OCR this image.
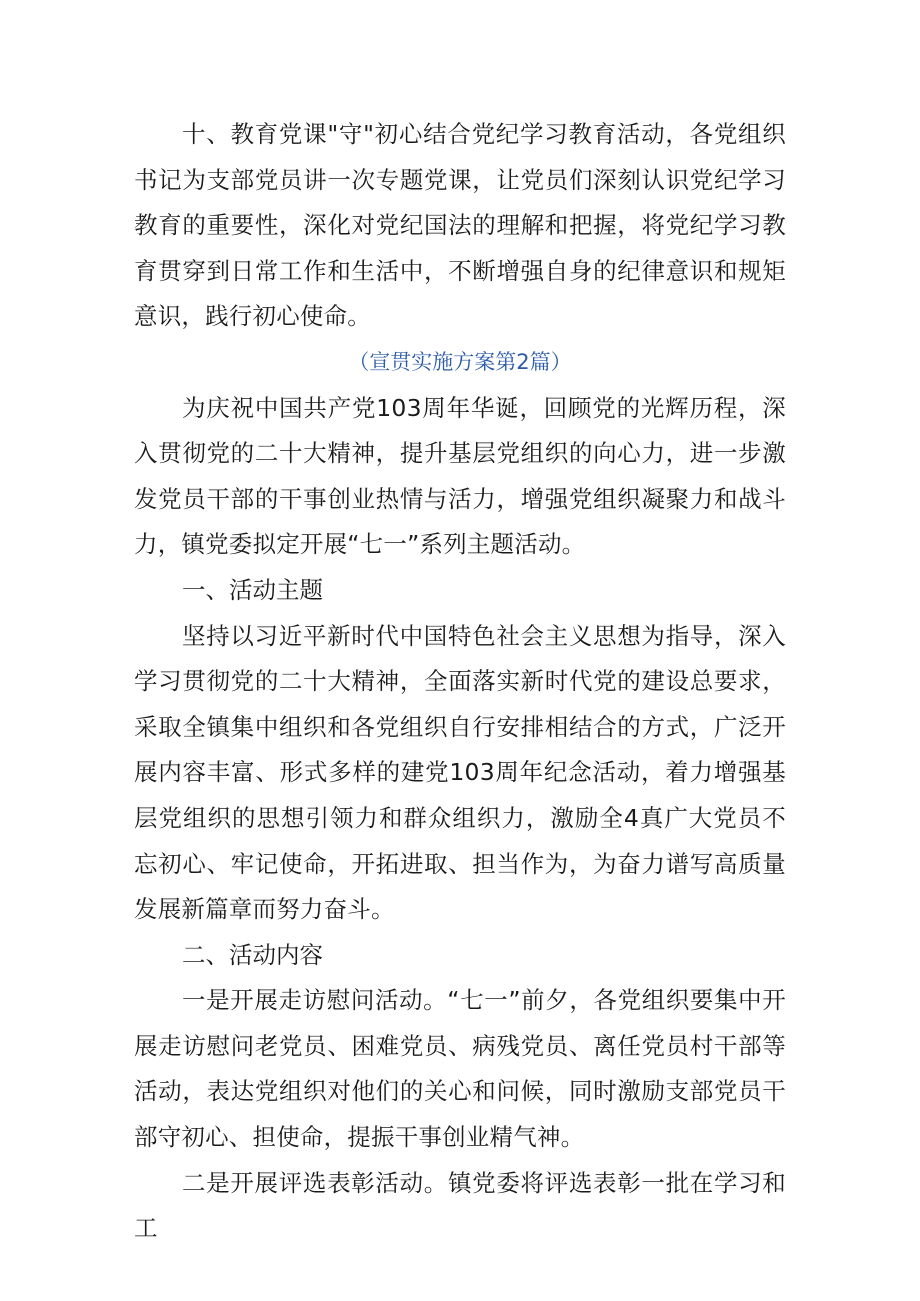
十、教育党课"守"初心结合党纪学习教育活动，各党组织书记为支部党员讲一次专题党课，让党员们深刻认识党纪学习教育的重要性，深化对党纪国法的理解和把握，将党纪学习教育贯穿到日常工作和生活中，不断增强自身的纪律意识和规矩意识，践行初心使命。

（宣贯实施方案第2篇）

为庆祝中国共产党103周年华诞，回顾党的光辉历程，深入贯彻党的二十大精神，提升基层党组织的向心力，进一步激发党员干部的干事创业热情与活力，增强党组织凝聚力和战斗力，镇党委拟定开展“七一”系列主题活动。

一、活动主题

坚持以习近平新时代中国特色社会主义思想为指导，深入学习贯彻党的二十大精神，全面落实新时代党的建设总要求，采取全镇集中组织和各党组织自行安排相结合的方式，广泛开展内容丰富、形式多样的建党103周年纪念活动，着力增强基层党组织的思想引领力和群众组织力，激励全4真广大党员不忘初心、牢记使命，开拓进取、担当作为，为奋力谱写高质量发展新篇章而努力奋斗。

二、活动内容

一是开展走访慰问活动。“七一”前夕，各党组织要集中开展走访慰问老党员、困难党员、病残党员、离任党员村干部等活动，表达党组织对他们的关心和问候，同时激励支部党员干部守初心、担使命，提振干事创业精气神。

二是开展评选表彰活动。镇党委将评选表彰一批在学习和工
